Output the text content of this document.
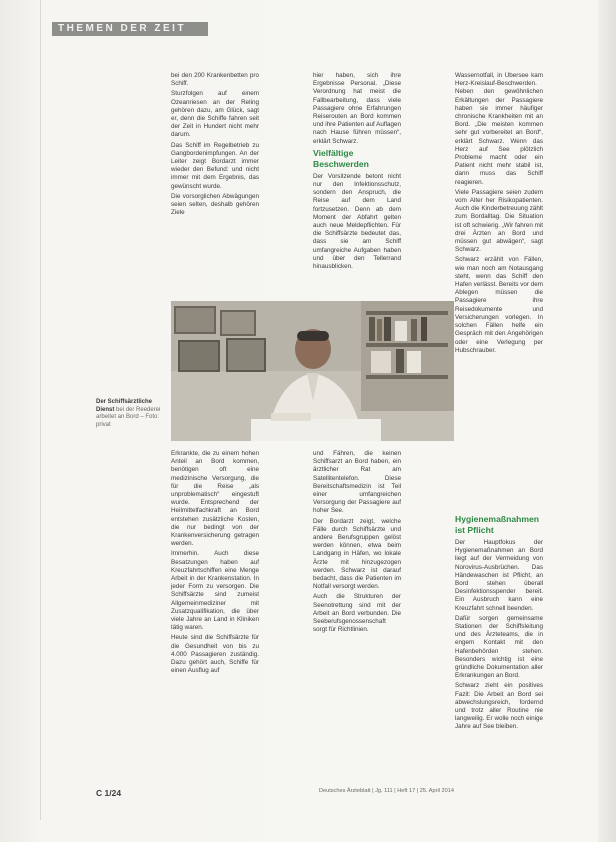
THEMEN DER ZEIT

bei den 200 Krankenbetten pro Schiff.

Sturzfolgen auf einem Ozeanriesen an der Reling gehören dazu, am Glück, sagt er, denn die Schiffe fahren seit der Zeit in Hundert nicht mehr darum.

Das Schiff im Regelbetrieb zu Gangbordenimpfungen. An der Leiter zeigt Bordarzt immer wieder den Befund: und nicht immer mit dem Ergebnis, das gewünscht wurde.

Die vorsorglichen Abwägungen seien selten, deshalb gehören Ziele

hier haben, sich ihre Ergebnisse Personal. „Diese Verordnung hat meist die Fallbearbeitung, dass viele Passagiere ohne Erfahrungen Reiserouten an Bord kommen und ihre Patienten auf Auflagen nach Hause führen müssen“, erklärt Schwarz.

Vielfältige Beschwerden

Der Vorsitzende betont nicht nur den Infektionsschutz, sondern den Anspruch, die Reise auf dem Land fortzusetzen. Denn ab dem Moment der Abfahrt gelten auch neue Meldepflichten. Für die Schiffsärzte bedeutet das, dass sie am Schiff umfangreiche Aufgaben haben und über den Tellerrand hinausblicken.

Wassernotfall, in Übersee kam Herz-Kreislauf-Beschwerden. Neben den gewöhnlichen Erkältungen der Passagiere haben sie immer häufiger chronische Krankheiten mit an Bord. „Die meisten kommen sehr gut vorbereitet an Bord“, erklärt Schwarz. Wenn das Herz auf See plötzlich Probleme macht oder ein Patient nicht mehr stabil ist, dann muss das Schiff reagieren.

Viele Passagiere seien zudem vom Alter her Risikopatienten. Auch die Kinderbetreuung zählt zum Bordalltag. Die Situation ist oft schwierig. „Wir fahren mit drei Ärzten an Bord und müssen gut abwägen“, sagt Schwarz.

Schwarz erzählt von Fällen, wie man noch am Notausgang steht, wenn das Schiff den Hafen verlässt. Bereits vor dem Ablegen müssen die Passagiere ihre Reisedokumente und Versicherungen vorlegen. In solchen Fällen helfe ein Gespräch mit den Angehörigen oder eine Verlegung per Hubschrauber.

Der Schiffsärztliche Dienst bei der Reederei arbeitet an Bord – Foto: privat

Erkrankte, die zu einem hohen Anteil an Bord kommen, benötigen oft eine medizinische Versorgung, die für die Reise „als unproblematisch“ eingestuft wurde. Entsprechend der Heilmittelfachkraft an Bord entstehen zusätzliche Kosten, die nur bedingt von der Krankenversicherung getragen werden.

Immerhin. Auch diese Besatzungen haben auf Kreuzfahrtschiffen eine Menge Arbeit in der Krankenstation. In jeder Form zu versorgen. Die Schiffsärzte sind zumeist Allgemeinmediziner mit Zusatzqualifikation, die über viele Jahre an Land in Kliniken tätig waren.

Heute sind die Schiffsärzte für die Gesundheit von bis zu 4.000 Passagieren zuständig. Dazu gehört auch, Schiffe für einen Ausflug auf

und Fähren, die keinen Schiffsarzt an Bord haben, ein ärztlicher Rat am Satellitentelefon. Diese Bereitschaftsmedizin ist Teil einer umfangreichen Versorgung der Passagiere auf hoher See.

Der Bordarzt zeigt, welche Fälle durch Schiffsärzte und andere Berufsgruppen gelöst werden können, etwa beim Landgang in Häfen, wo lokale Ärzte mit hinzugezogen werden. Schwarz ist darauf bedacht, dass die Patienten im Notfall versorgt werden.

Auch die Strukturen der Seenotrettung sind mit der Arbeit an Bord verbunden. Die Seeberufsgenossenschaft sorgt für Richtlinien.

Hygienemaßnahmen ist Pflicht

Der Hauptfokus der Hygienemaßnahmen an Bord liegt auf der Vermeidung von Norovirus-Ausbrüchen. Das Händewaschen ist Pflicht, an Bord stehen überall Desinfektionsspender bereit. Ein Ausbruch kann eine Kreuzfahrt schnell beenden.

Dafür sorgen gemeinsame Stationen der Schiffsleitung und des Ärzteteams, die in engem Kontakt mit den Hafenbehörden stehen. Besonders wichtig ist eine gründliche Dokumentation aller Erkrankungen an Bord.

Schwarz zieht ein positives Fazit: Die Arbeit an Bord sei abwechslungsreich, fordernd und trotz aller Routine nie langweilig. Er wolle noch einige Jahre auf See bleiben.

C 1/24	Deutsches Ärzteblatt | Jg. 111 | Heft 17 | 25. April 2014
